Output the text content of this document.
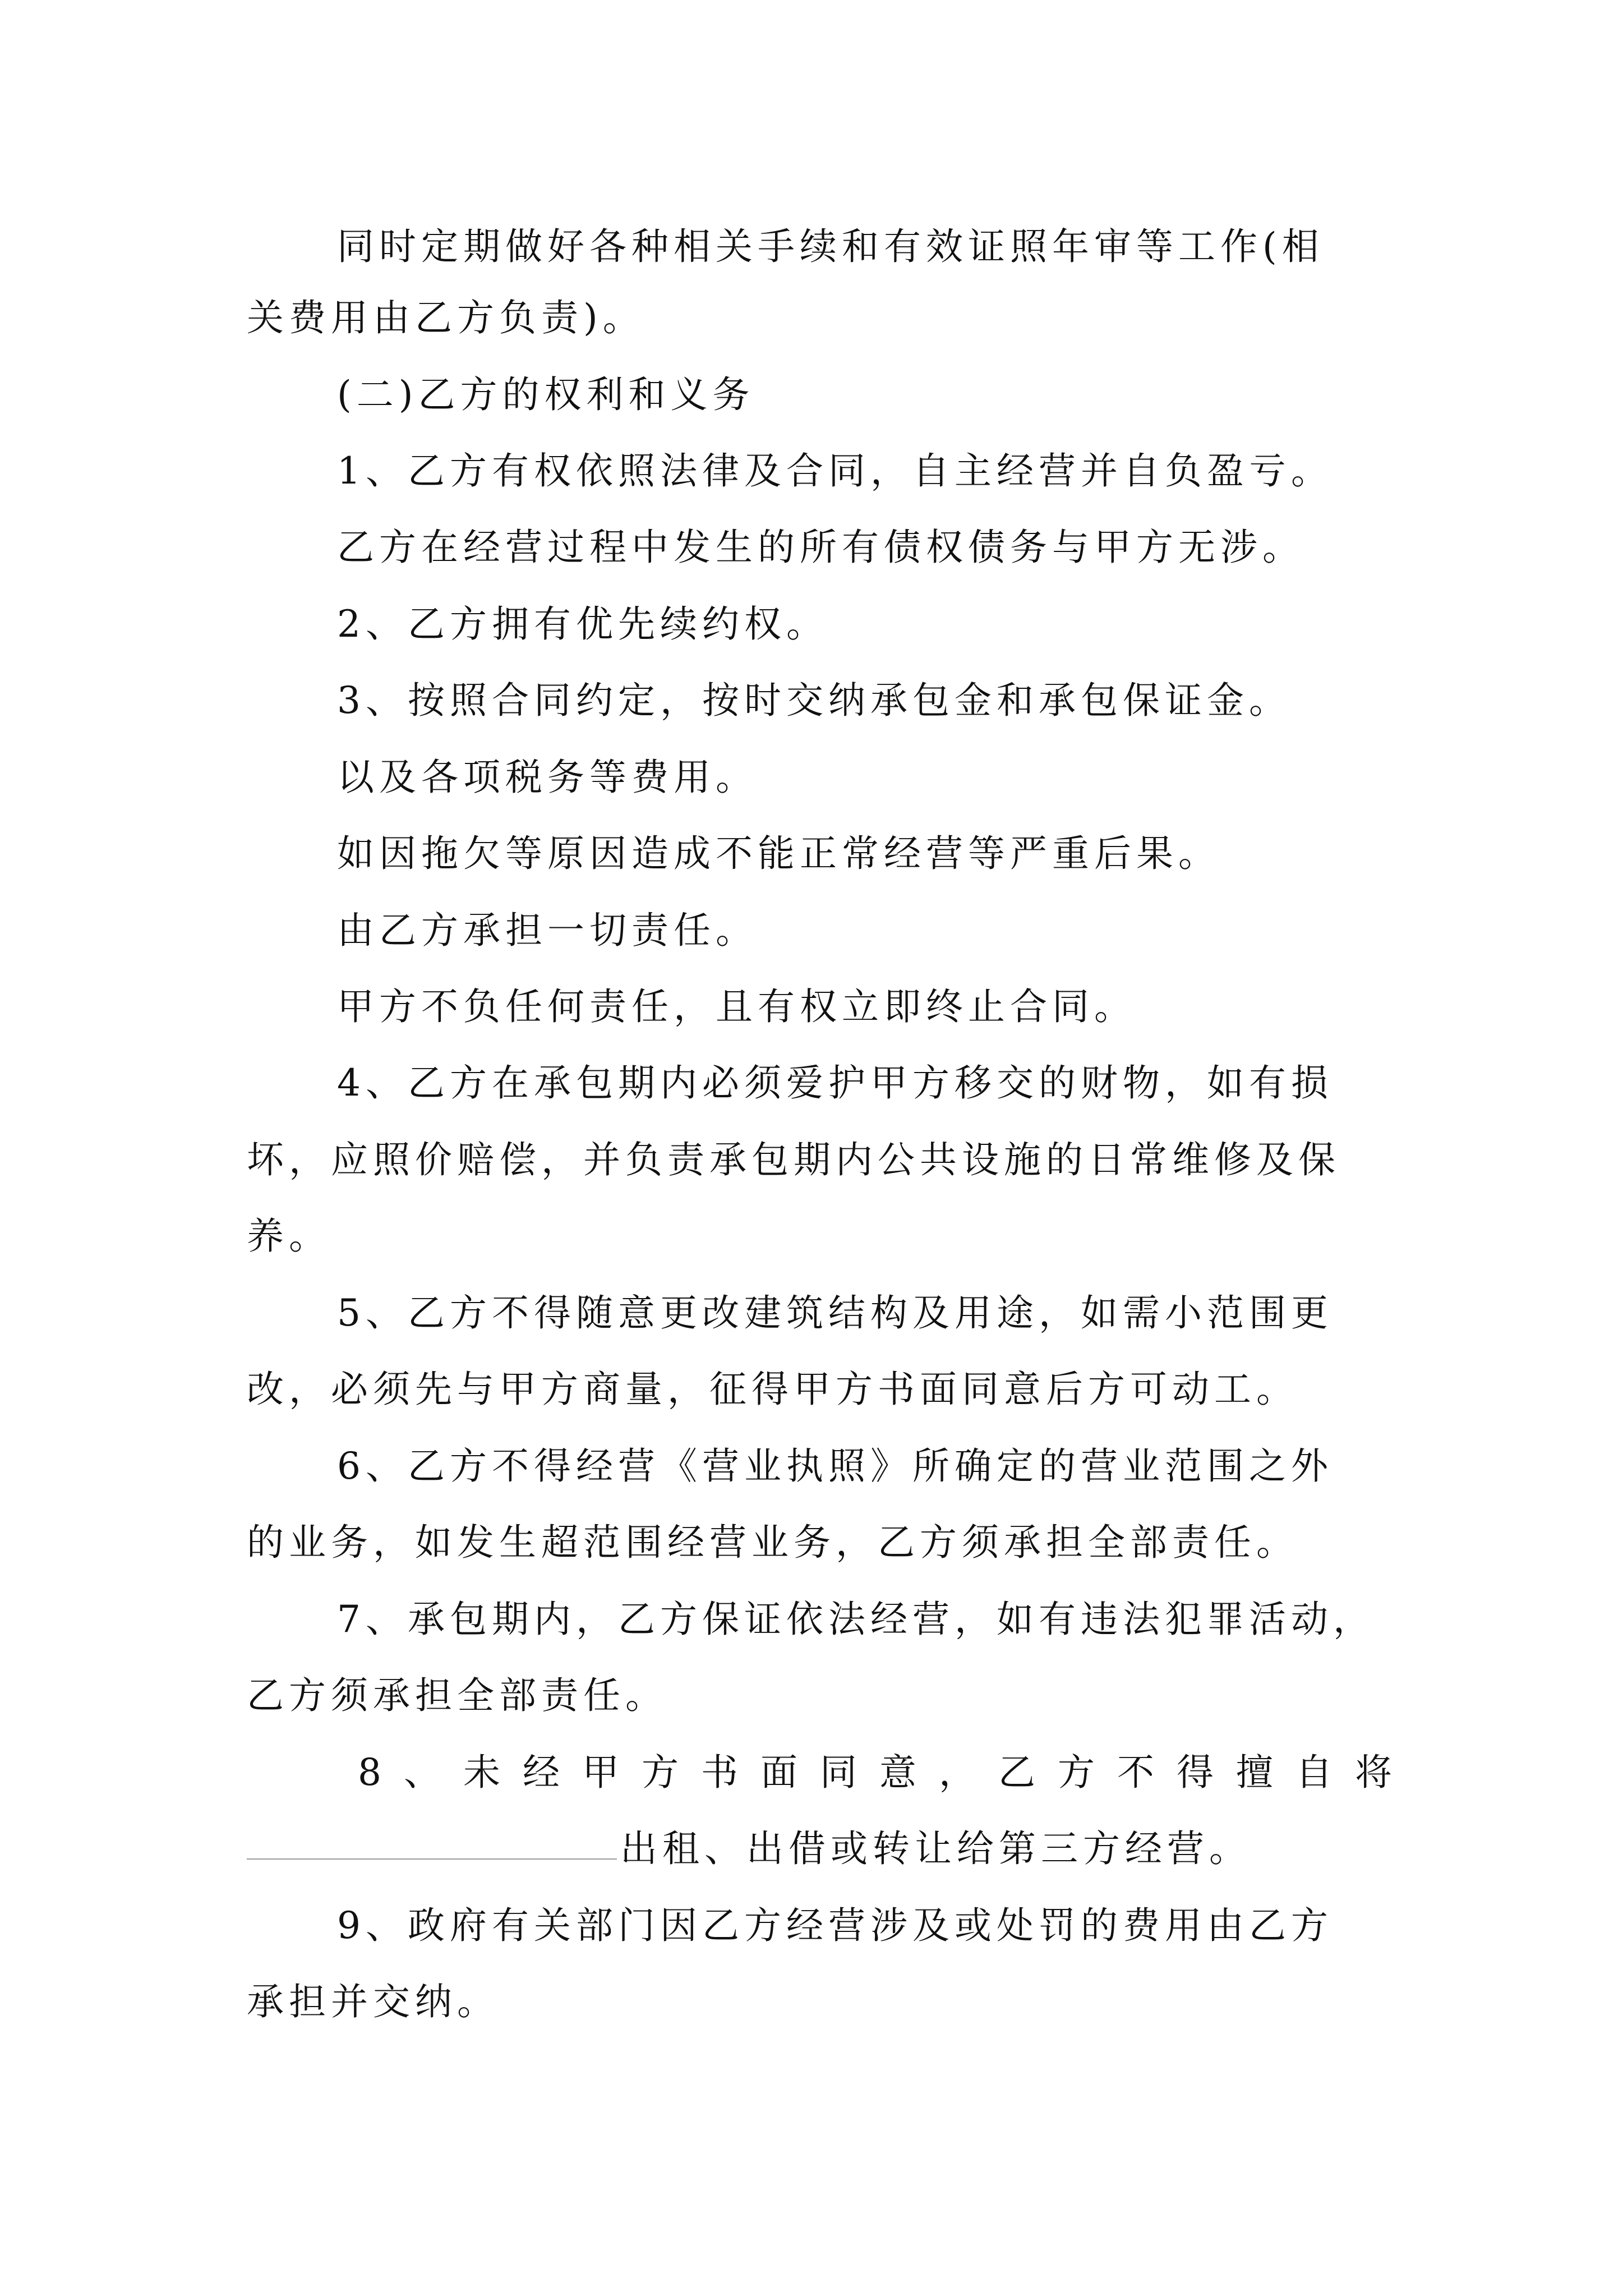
同时定期做好各种相关手续和有效证照年审等工作(相
关费用由乙方负责)。
(二)乙方的权利和义务
1、乙方有权依照法律及合同，自主经营并自负盈亏。
乙方在经营过程中发生的所有债权债务与甲方无涉。
2、乙方拥有优先续约权。
3、按照合同约定，按时交纳承包金和承包保证金。
以及各项税务等费用。
如因拖欠等原因造成不能正常经营等严重后果。
由乙方承担一切责任。
甲方不负任何责任，且有权立即终止合同。
4、乙方在承包期内必须爱护甲方移交的财物，如有损
坏，应照价赔偿，并负责承包期内公共设施的日常维修及保
养。
5、乙方不得随意更改建筑结构及用途，如需小范围更
改，必须先与甲方商量，征得甲方书面同意后方可动工。
6、乙方不得经营《营业执照》所确定的营业范围之外
的业务，如发生超范围经营业务，乙方须承担全部责任。
7、承包期内，乙方保证依法经营，如有违法犯罪活动，
乙方须承担全部责任。
8、未经甲方书面同意，乙方不得擅自将
出租、出借或转让给第三方经营。
9、政府有关部门因乙方经营涉及或处罚的费用由乙方
承担并交纳。
